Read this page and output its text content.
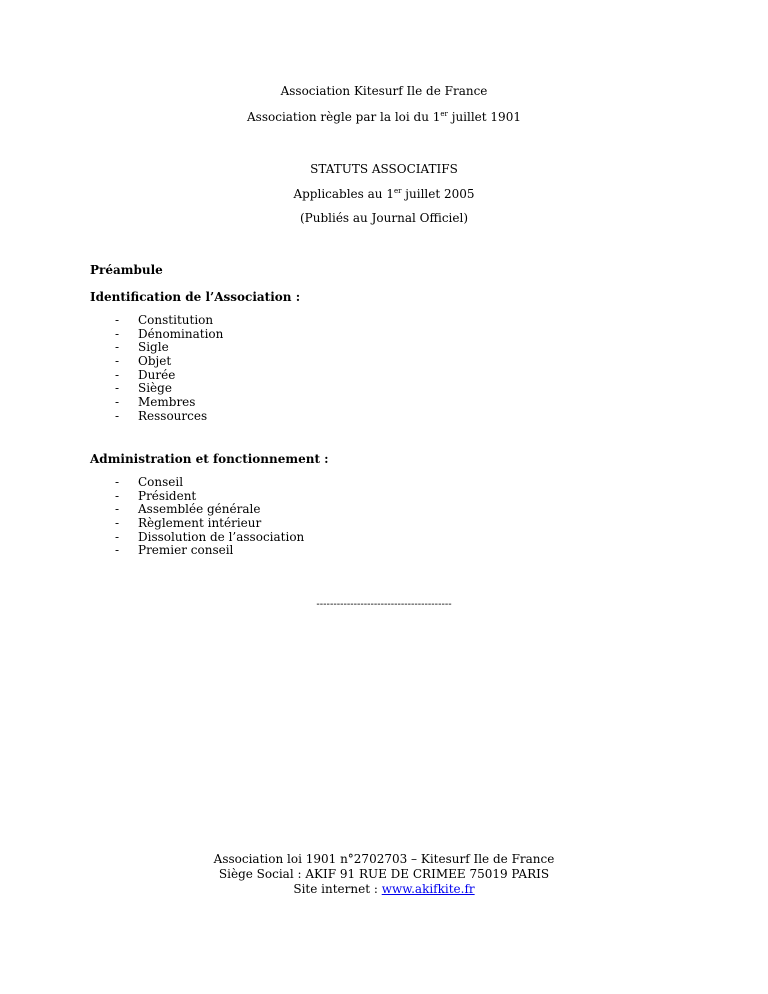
Association Kitesurf Ile de France
Association règle par la loi du 1er juillet 1901
STATUTS ASSOCIATIFS
Applicables au 1er juillet 2005
(Publiés au Journal Officiel)
Préambule
Identification de l’Association :
- Constitution
- Dénomination
- Sigle
- Objet
- Durée
- Siège
- Membres
- Ressources
Administration et fonctionnement :
- Conseil
- Président
- Assemblée générale
- Règlement intérieur
- Dissolution de l’association
- Premier conseil
----------------------------------------
Association loi 1901 n°2702703 – Kitesurf Ile de France
Siège Social : AKIF 91 RUE DE CRIMEE 75019 PARIS
Site internet : www.akifkite.fr
